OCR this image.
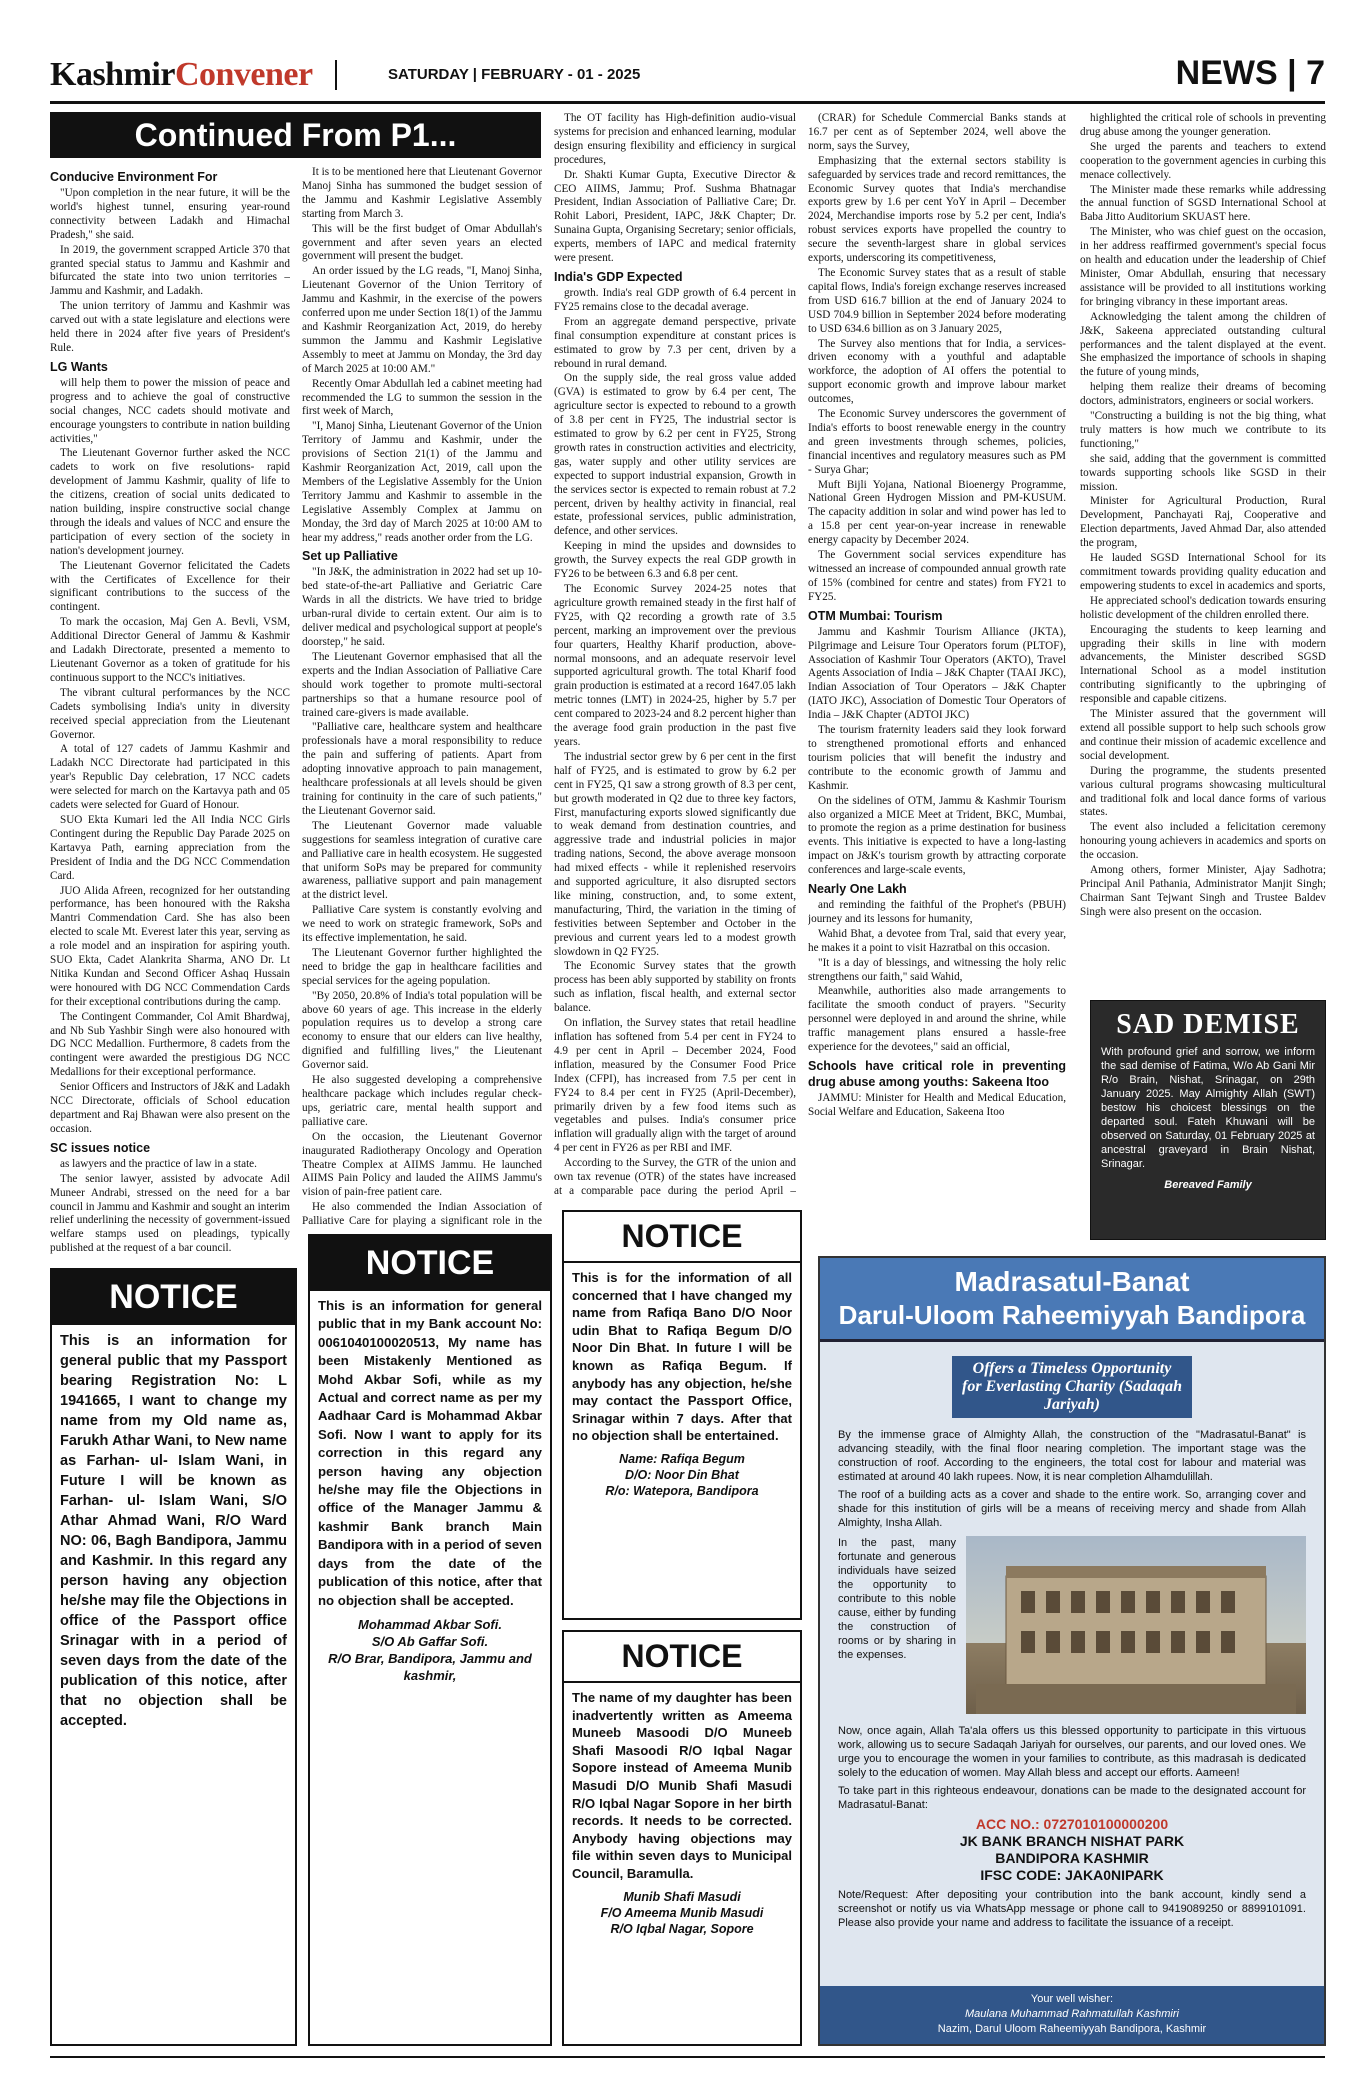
KashmirConvener	SATURDAY | FEBRUARY - 01 - 2025	NEWS | 7
Continued From P1...
Conducive Environment For

"Upon completion in the near future, it will be the world's highest tunnel, ensuring year-round connectivity between Ladakh and Himachal Pradesh," she said.

In 2019, the government scrapped Article 370 that granted special status to Jammu and Kashmir and bifurcated the state into two union territories – Jammu and Kashmir, and Ladakh.

The union territory of Jammu and Kashmir was carved out with a state legislature and elections were held there in 2024 after five years of President's Rule.

LG Wants

will help them to power the mission of peace and progress and to achieve the goal of constructive social changes, NCC cadets should motivate and encourage youngsters to contribute in nation building activities,"

The Lieutenant Governor further asked the NCC cadets to work on five resolutions- rapid development of Jammu Kashmir, quality of life to the citizens, creation of social units dedicated to nation building, inspire constructive social change through the ideals and values of NCC and ensure the participation of every section of the society in nation's development journey.

The Lieutenant Governor felicitated the Cadets with the Certificates of Excellence for their significant contributions to the success of the contingent.

To mark the occasion, Maj Gen A. Bevli, VSM, Additional Director General of Jammu & Kashmir and Ladakh Directorate, presented a memento to Lieutenant Governor as a token of gratitude for his continuous support to the NCC's initiatives.

The vibrant cultural performances by the NCC Cadets symbolising India's unity in diversity received special appreciation from the Lieutenant Governor.

A total of 127 cadets of Jammu Kashmir and Ladakh NCC Directorate had participated in this year's Republic Day celebration, 17 NCC cadets were selected for march on the Kartavya path and 05 cadets were selected for Guard of Honour.

SUO Ekta Kumari led the All India NCC Girls Contingent during the Republic Day Parade 2025 on Kartavya Path, earning appreciation from the President of India and the DG NCC Commendation Card.

JUO Alida Afreen, recognized for her outstanding performance, has been honoured with the Raksha Mantri Commendation Card. She has also been elected to scale Mt. Everest later this year, serving as a role model and an inspiration for aspiring youth. SUO Ekta, Cadet Alankrita Sharma, ANO Dr. Lt Nitika Kundan and Second Officer Ashaq Hussain were honoured with DG NCC Commendation Cards for their exceptional contributions during the camp.

The Contingent Commander, Col Amit Bhardwaj, and Nb Sub Yashbir Singh were also honoured with DG NCC Medallion. Furthermore, 8 cadets from the contingent were awarded the prestigious DG NCC Medallions for their exceptional performance.

Senior Officers and Instructors of J&K and Ladakh NCC Directorate, officials of School education department and Raj Bhawan were also present on the occasion.

SC issues notice

as lawyers and the practice of law in a state.

The senior lawyer, assisted by advocate Adil Muneer Andrabi, stressed on the need for a bar council in Jammu and Kashmir and sought an interim relief underlining the necessity of government-issued welfare stamps used on pleadings, typically published at the request of a bar council.

It is to be mentioned here that Lieutenant Governor Manoj Sinha has summoned the budget session of the Jammu and Kashmir Legislative Assembly starting from March 3.

This will be the first budget of Omar Abdullah's government and after seven years an elected government will present the budget.

An order issued by the LG reads, "I, Manoj Sinha, Lieutenant Governor of the Union Territory of Jammu and Kashmir, in the exercise of the powers conferred upon me under Section 18(1) of the Jammu and Kashmir Reorganization Act, 2019, do hereby summon the Jammu and Kashmir Legislative Assembly to meet at Jammu on Monday, the 3rd day of March 2025 at 10:00 AM."

Recently Omar Abdullah led a cabinet meeting had recommended the LG to summon the session in the first week of March,

"I, Manoj Sinha, Lieutenant Governor of the Union Territory of Jammu and Kashmir, under the provisions of Section 21(1) of the Jammu and Kashmir Reorganization Act, 2019, call upon the Members of the Legislative Assembly for the Union Territory Jammu and Kashmir to assemble in the Legislative Assembly Complex at Jammu on Monday, the 3rd day of March 2025 at 10:00 AM to hear my address," reads another order from the LG.

Set up Palliative

"In J&K, the administration in 2022 had set up 10-bed state-of-the-art Palliative and Geriatric Care Wards in all the districts. We have tried to bridge urban-rural divide to certain extent. Our aim is to deliver medical and psychological support at people's doorstep," he said.

The Lieutenant Governor emphasised that all the experts and the Indian Association of Palliative Care should work together to promote multi-sectoral partnerships so that a humane resource pool of trained care-givers is made available.

"Palliative care, healthcare system and healthcare professionals have a moral responsibility to reduce the pain and suffering of patients. Apart from adopting innovative approach to pain management, healthcare professionals at all levels should be given training for continuity in the care of such patients," the Lieutenant Governor said.

The Lieutenant Governor made valuable suggestions for seamless integration of curative care and Palliative care in health ecosystem. He suggested that uniform SoPs may be prepared for community awareness, palliative support and pain management at the district level.

Palliative Care system is constantly evolving and we need to work on strategic framework, SoPs and its effective implementation, he said.

The Lieutenant Governor further highlighted the need to bridge the gap in healthcare facilities and special services for the ageing population.

"By 2050, 20.8% of India's total population will be above 60 years of age. This increase in the elderly population requires us to develop a strong care economy to ensure that our elders can live healthy, dignified and fulfilling lives," the Lieutenant Governor said.

He also suggested developing a comprehensive healthcare package which includes regular check-ups, geriatric care, mental health support and palliative care.

On the occasion, the Lieutenant Governor inaugurated Radiotherapy Oncology and Operation Theatre Complex at AIIMS Jammu. He launched AIIMS Pain Policy and lauded the AIIMS Jammu's vision of pain-free patient care.

He also commended the Indian Association of Palliative Care for playing a significant role in the

The OT facility has High-definition audio-visual systems for precision and enhanced learning, modular design ensuring flexibility and efficiency in surgical procedures,

Dr. Shakti Kumar Gupta, Executive Director & CEO AIIMS, Jammu; Prof. Sushma Bhatnagar President, Indian Association of Palliative Care; Dr. Rohit Labori, President, IAPC, J&K Chapter; Dr. Sunaina Gupta, Organising Secretary; senior officials, experts, members of IAPC and medical fraternity were present.

India's GDP Expected

growth. India's real GDP growth of 6.4 percent in FY25 remains close to the decadal average.

From an aggregate demand perspective, private final consumption expenditure at constant prices is estimated to grow by 7.3 per cent, driven by a rebound in rural demand.

On the supply side, the real gross value added (GVA) is estimated to grow by 6.4 per cent, The agriculture sector is expected to rebound to a growth of 3.8 per cent in FY25, The industrial sector is estimated to grow by 6.2 per cent in FY25, Strong growth rates in construction activities and electricity, gas, water supply and other utility services are expected to support industrial expansion, Growth in the services sector is expected to remain robust at 7.2 percent, driven by healthy activity in financial, real estate, professional services, public administration, defence, and other services.

Keeping in mind the upsides and downsides to growth, the Survey expects the real GDP growth in FY26 to be between 6.3 and 6.8 per cent.

The Economic Survey 2024-25 notes that agriculture growth remained steady in the first half of FY25, with Q2 recording a growth rate of 3.5 percent, marking an improvement over the previous four quarters, Healthy Kharif production, above-normal monsoons, and an adequate reservoir level supported agricultural growth. The total Kharif food grain production is estimated at a record 1647.05 lakh metric tonnes (LMT) in 2024-25, higher by 5.7 per cent compared to 2023-24 and 8.2 percent higher than the average food grain production in the past five years.

The industrial sector grew by 6 per cent in the first half of FY25, and is estimated to grow by 6.2 per cent in FY25, Q1 saw a strong growth of 8.3 per cent, but growth moderated in Q2 due to three key factors, First, manufacturing exports slowed significantly due to weak demand from destination countries, and aggressive trade and industrial policies in major trading nations, Second, the above average monsoon had mixed effects - while it replenished reservoirs and supported agriculture, it also disrupted sectors like mining, construction, and, to some extent, manufacturing, Third, the variation in the timing of festivities between September and October in the previous and current years led to a modest growth slowdown in Q2 FY25.

The Economic Survey states that the growth process has been ably supported by stability on fronts such as inflation, fiscal health, and external sector balance.

On inflation, the Survey states that retail headline inflation has softened from 5.4 per cent in FY24 to 4.9 per cent in April – December 2024, Food inflation, measured by the Consumer Food Price Index (CFPI), has increased from 7.5 per cent in FY24 to 8.4 per cent in FY25 (April-December), primarily driven by a few food items such as vegetables and pulses. India's consumer price inflation will gradually align with the target of around 4 per cent in FY26 as per RBI and IMF.

According to the Survey, the GTR of the union and own tax revenue (OTR) of the states have increased at a comparable pace during the period April –

(CRAR) for Schedule Commercial Banks stands at 16.7 per cent as of September 2024, well above the norm, says the Survey,

Emphasizing that the external sectors stability is safeguarded by services trade and record remittances, the Economic Survey quotes that India's merchandise exports grew by 1.6 per cent YoY in April – December 2024, Merchandise imports rose by 5.2 per cent, India's robust services exports have propelled the country to secure the seventh-largest share in global services exports, underscoring its competitiveness,

The Economic Survey states that as a result of stable capital flows, India's foreign exchange reserves increased from USD 616.7 billion at the end of January 2024 to USD 704.9 billion in September 2024 before moderating to USD 634.6 billion as on 3 January 2025,

The Survey also mentions that for India, a services-driven economy with a youthful and adaptable workforce, the adoption of AI offers the potential to support economic growth and improve labour market outcomes,

The Economic Survey underscores the government of India's efforts to boost renewable energy in the country and green investments through schemes, policies, financial incentives and regulatory measures such as PM - Surya Ghar;

Muft Bijli Yojana, National Bioenergy Programme, National Green Hydrogen Mission and PM-KUSUM. The capacity addition in solar and wind power has led to a 15.8 per cent year-on-year increase in renewable energy capacity by December 2024.

The Government social services expenditure has witnessed an increase of compounded annual growth rate of 15% (combined for centre and states) from FY21 to FY25.

OTM Mumbai: Tourism

Jammu and Kashmir Tourism Alliance (JKTA), Pilgrimage and Leisure Tour Operators forum (PLTOF), Association of Kashmir Tour Operators (AKTO), Travel Agents Association of India – J&K Chapter (TAAI JKC), Indian Association of Tour Operators – J&K Chapter (IATO JKC), Association of Domestic Tour Operators of India – J&K Chapter (ADTOI JKC)

The tourism fraternity leaders said they look forward to strengthened promotional efforts and enhanced tourism policies that will benefit the industry and contribute to the economic growth of Jammu and Kashmir.

On the sidelines of OTM, Jammu & Kashmir Tourism also organized a MICE Meet at Trident, BKC, Mumbai, to promote the region as a prime destination for business events. This initiative is expected to have a long-lasting impact on J&K's tourism growth by attracting corporate conferences and large-scale events,

Nearly One Lakh

and reminding the faithful of the Prophet's (PBUH) journey and its lessons for humanity,

Wahid Bhat, a devotee from Tral, said that every year, he makes it a point to visit Hazratbal on this occasion.

"It is a day of blessings, and witnessing the holy relic strengthens our faith," said Wahid,

Meanwhile, authorities also made arrangements to facilitate the smooth conduct of prayers. "Security personnel were deployed in and around the shrine, while traffic management plans ensured a hassle-free experience for the devotees," said an official,

Schools have critical role in preventing drug abuse among youths: Sakeena Itoo

JAMMU: Minister for Health and Medical Education, Social Welfare and Education, Sakeena Itoo

highlighted the critical role of schools in preventing drug abuse among the younger generation.

She urged the parents and teachers to extend cooperation to the government agencies in curbing this menace collectively.

The Minister made these remarks while addressing the annual function of SGSD International School at Baba Jitto Auditorium SKUAST here.

The Minister, who was chief guest on the occasion, in her address reaffirmed government's special focus on health and education under the leadership of Chief Minister, Omar Abdullah, ensuring that necessary assistance will be provided to all institutions working for bringing vibrancy in these important areas.

Acknowledging the talent among the children of J&K, Sakeena appreciated outstanding cultural performances and the talent displayed at the event. She emphasized the importance of schools in shaping the future of young minds,

helping them realize their dreams of becoming doctors, administrators, engineers or social workers.

"Constructing a building is not the big thing, what truly matters is how much we contribute to its functioning,"

she said, adding that the government is committed towards supporting schools like SGSD in their mission.

Minister for Agricultural Production, Rural Development, Panchayati Raj, Cooperative and Election departments, Javed Ahmad Dar, also attended the program,

He lauded SGSD International School for its commitment towards providing quality education and empowering students to excel in academics and sports,

He appreciated school's dedication towards ensuring holistic development of the children enrolled there.

Encouraging the students to keep learning and upgrading their skills in line with modern advancements, the Minister described SGSD International School as a model institution contributing significantly to the upbringing of responsible and capable citizens.

The Minister assured that the government will extend all possible support to help such schools grow and continue their mission of academic excellence and social development.

During the programme, the students presented various cultural programs showcasing multicultural and traditional folk and local dance forms of various states.

The event also included a felicitation ceremony honouring young achievers in academics and sports on the occasion.

Among others, former Minister, Ajay Sadhotra; Principal Anil Pathania, Administrator Manjit Singh; Chairman Sant Tejwant Singh and Trustee Baldev Singh were also present on the occasion.

NOTICE
This is an information for general public that my Passport bearing Registration No: L 1941665, I want to change my name from my Old name as, Farukh Athar Wani, to New name as Farhan- ul- Islam Wani, in Future I will be known as Farhan- ul- Islam Wani, S/O Athar Ahmad Wani, R/O Ward NO: 06, Bagh Bandipora, Jammu and Kashmir. In this regard any person having any objection he/she may file the Objections in office of the Passport office Srinagar with in a period of seven days from the date of the publication of this notice, after that no objection shall be accepted.
NOTICE
This is an information for general public that in my Bank account No: 0061040100020513, My name has been Mistakenly Mentioned as Mohd Akbar Sofi, while as my Actual and correct name as per my Aadhaar Card is Mohammad Akbar Sofi. Now I want to apply for its correction in this regard any person having any objection he/she may file the Objections in office of the Manager Jammu & kashmir Bank branch Main Bandipora with in a period of seven days from the date of the publication of this notice, after that no objection shall be accepted.
Mohammad Akbar Sofi.
S/O Ab Gaffar Sofi.
R/O Brar, Bandipora, Jammu and kashmir,
NOTICE
This is for the information of all concerned that I have changed my name from Rafiqa Bano D/O Noor udin Bhat to Rafiqa Begum D/O Noor Din Bhat. In future I will be known as Rafiqa Begum. If anybody has any objection, he/she may contact the Passport Office, Srinagar within 7 days. After that no objection shall be entertained.
Name: Rafiqa Begum
D/O: Noor Din Bhat
R/o: Watepora, Bandipora
NOTICE
The name of my daughter has been inadvertently written as Ameema Muneeb Masoodi D/O Muneeb Shafi Masoodi R/O Iqbal Nagar Sopore instead of Ameema Munib Masudi D/O Munib Shafi Masudi R/O Iqbal Nagar Sopore in her birth records. It needs to be corrected. Anybody having objections may file within seven days to Municipal Council, Baramulla.
Munib Shafi Masudi
F/O Ameema Munib Masudi
R/O Iqbal Nagar, Sopore
SAD DEMISE
With profound grief and sorrow, we inform the sad demise of Fatima, W/o Ab Gani Mir R/o Brain, Nishat, Srinagar, on 29th January 2025. May Almighty Allah (SWT) bestow his choicest blessings on the departed soul. Fateh Khuwani will be observed on Saturday, 01 February 2025 at ancestral graveyard in Brain Nishat, Srinagar.
Bereaved Family
Madrasatul-Banat
Darul-Uloom Raheemiyyah Bandipora
Offers a Timeless Opportunity
for Everlasting Charity (Sadaqah Jariyah)
By the immense grace of Almighty Allah, the construction of the "Madrasatul-Banat" is advancing steadily, with the final floor nearing completion. The important stage was the construction of roof. According to the engineers, the total cost for labour and material was estimated at around 40 lakh rupees. Now, it is near completion Alhamdulillah.
The roof of a building acts as a cover and shade to the entire work. So, arranging cover and shade for this institution of girls will be a means of receiving mercy and shade from Allah Almighty, Insha Allah.
In the past, many fortunate and generous individuals have seized the opportunity to contribute to this noble cause, either by funding the construction of rooms or by sharing in the expenses.
Now, once again, Allah Ta'ala offers us this blessed opportunity to participate in this virtuous work, allowing us to secure Sadaqah Jariyah for ourselves, our parents, and our loved ones. We urge you to encourage the women in your families to contribute, as this madrasah is dedicated solely to the education of women. May Allah bless and accept our efforts. Aameen!
To take part in this righteous endeavour, donations can be made to the designated account for Madrasatul-Banat:
ACC NO.: 0727010100000200
JK BANK BRANCH NISHAT PARK
BANDIPORA KASHMIR
IFSC CODE: JAKA0NIPARK
Note/Request: After depositing your contribution into the bank account, kindly send a screenshot or notify us via WhatsApp message or phone call to 9419089250 or 8899101091. Please also provide your name and address to facilitate the issuance of a receipt.
Your well wisher:
Maulana Muhammad Rahmatullah Kashmiri
Nazim, Darul Uloom Raheemiyyah Bandipora, Kashmir
